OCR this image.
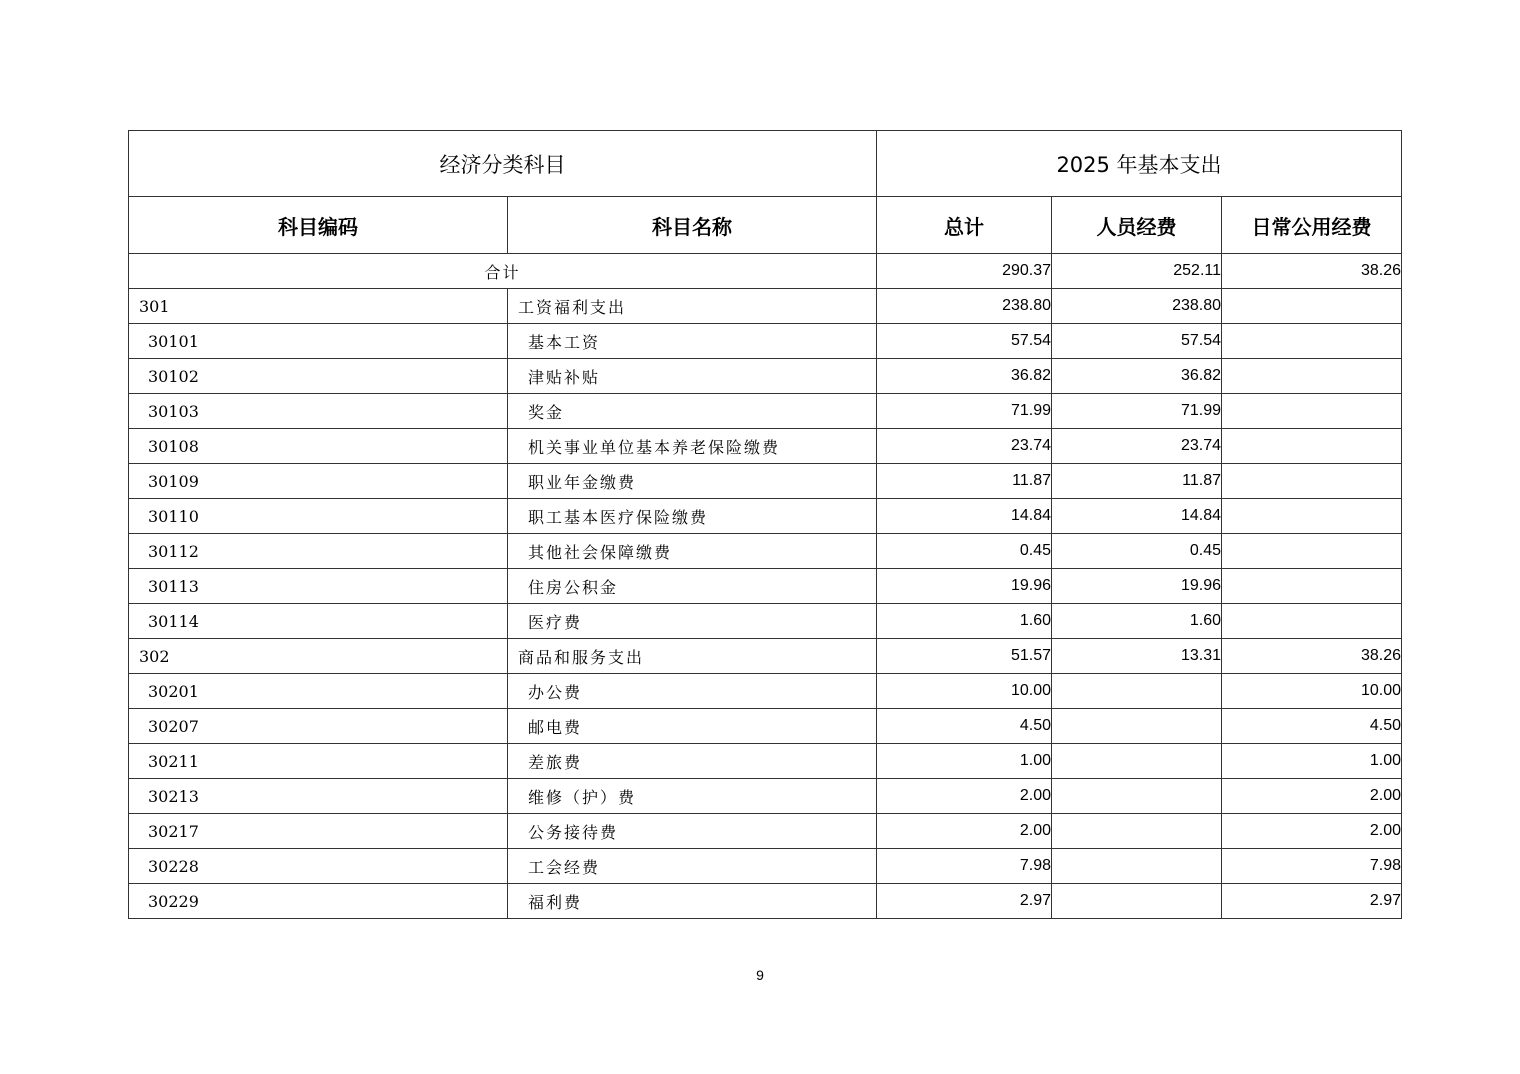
经济分类科目		2025 年基本支出		
科目编码	科目名称	总计	人员经费	日常公用经费
合计		290.37	252.11	38.26
301	工资福利支出	238.80	238.80	
30101	基本工资	57.54	57.54	
30102	津贴补贴	36.82	36.82	
30103	奖金	71.99	71.99	
30108	机关事业单位基本养老保险缴费	23.74	23.74	
30109	职业年金缴费	11.87	11.87	
30110	职工基本医疗保险缴费	14.84	14.84	
30112	其他社会保障缴费	0.45	0.45	
30113	住房公积金	19.96	19.96	
30114	医疗费	1.60	1.60	
302	商品和服务支出	51.57	13.31	38.26
30201	办公费	10.00		10.00
30207	邮电费	4.50		4.50
30211	差旅费	1.00		1.00
30213	维修（护）费	2.00		2.00
30217	公务接待费	2.00		2.00
30228	工会经费	7.98		7.98
30229	福利费	2.97		2.97
9
